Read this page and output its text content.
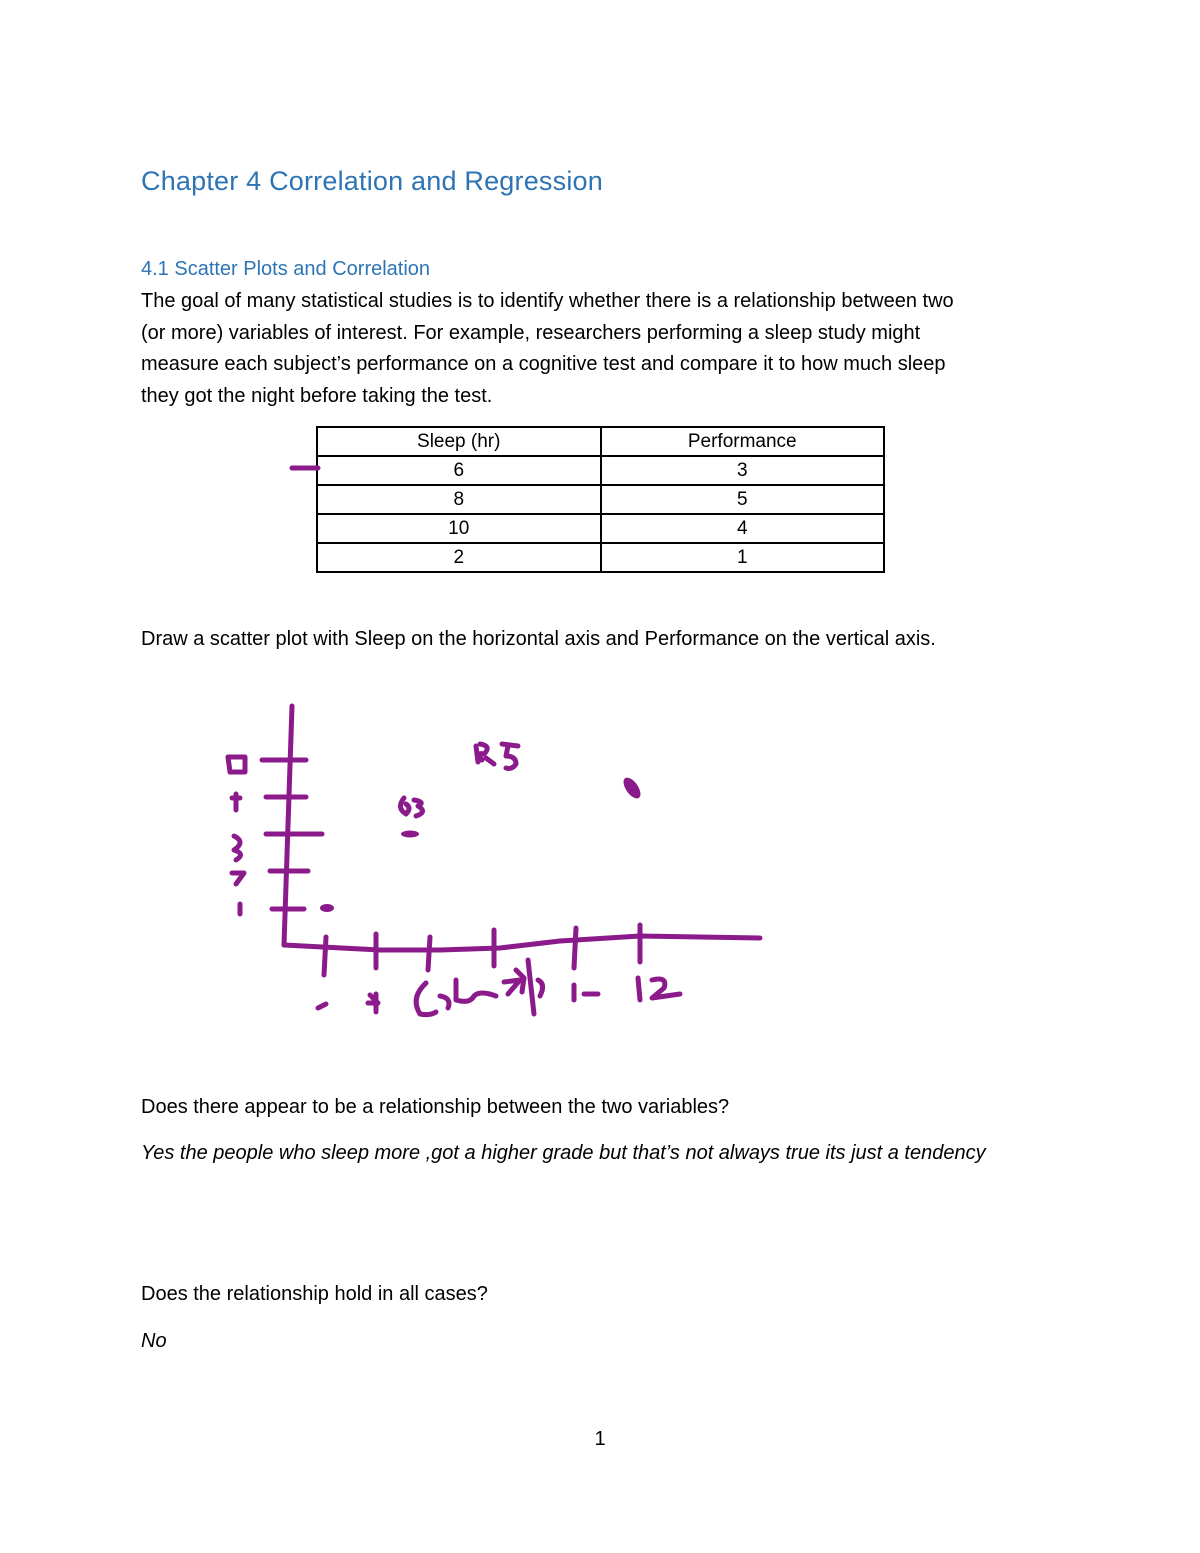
Chapter 4 Correlation and Regression
4.1 Scatter Plots and Correlation
The goal of many statistical studies is to identify whether there is a relationship between two
(or more) variables of interest. For example, researchers performing a sleep study might
measure each subject’s performance on a cognitive test and compare it to how much sleep
they got the night before taking the test.
Sleep (hr)	Performance
6	3
8	5
10	4
2	1
Draw a scatter plot with Sleep on the horizontal axis and Performance on the vertical axis.
Does there appear to be a relationship between the two variables?
Yes the people who sleep more ,got a higher grade but that’s not always true its just a tendency
Does the relationship hold in all cases?
No
1
